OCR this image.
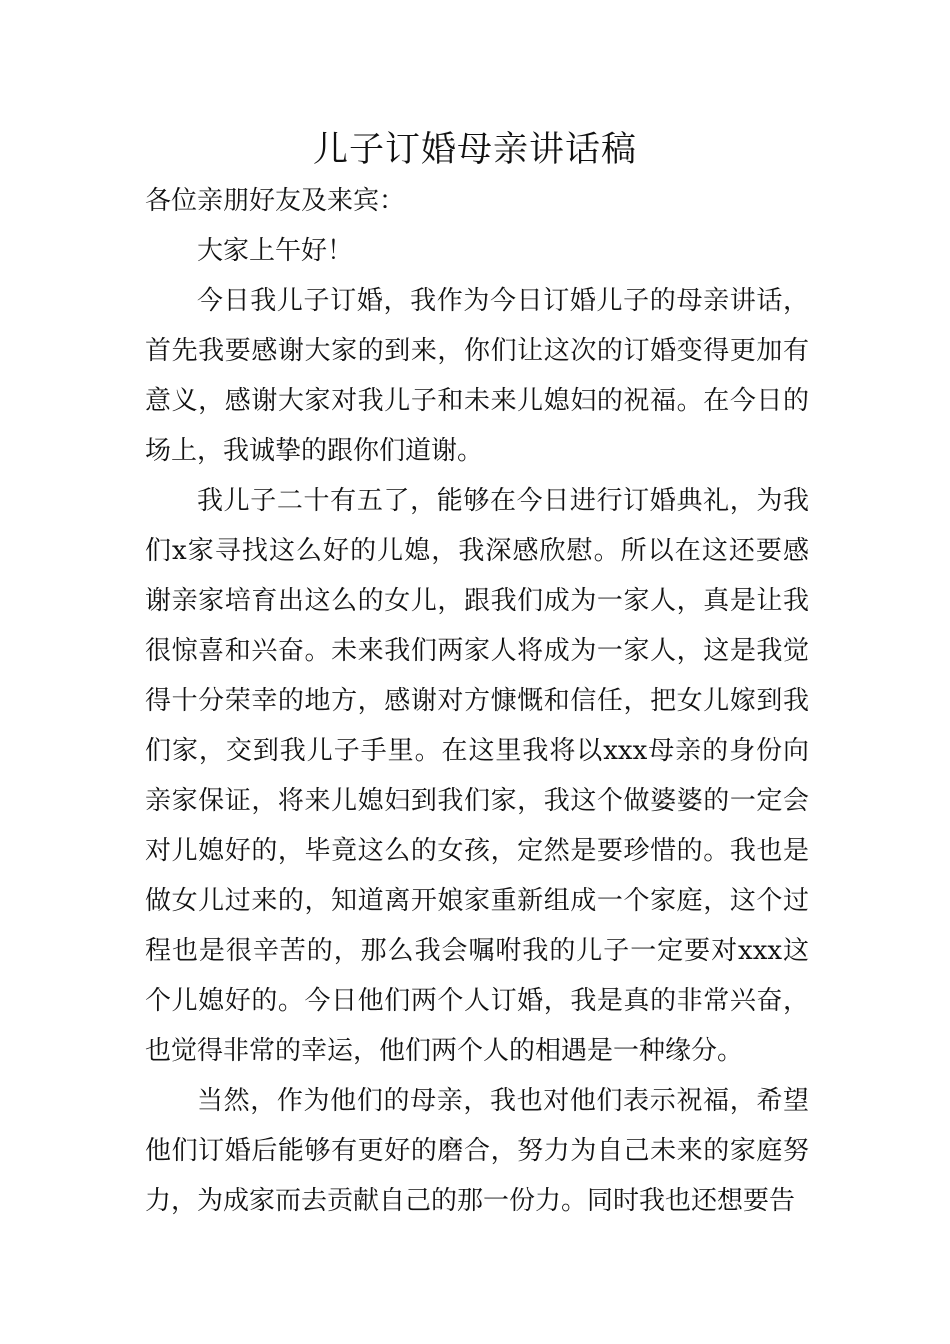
儿子订婚母亲讲话稿

各位亲朋好友及来宾：

大家上午好！

今日我儿子订婚，我作为今日订婚儿子的母亲讲话，首先我要感谢大家的到来，你们让这次的订婚变得更加有意义，感谢大家对我儿子和未来儿媳妇的祝福。在今日的场上，我诚挚的跟你们道谢。

我儿子二十有五了，能够在今日进行订婚典礼，为我们x家寻找这么好的儿媳，我深感欣慰。所以在这还要感谢亲家培育出这么的女儿，跟我们成为一家人，真是让我很惊喜和兴奋。未来我们两家人将成为一家人，这是我觉得十分荣幸的地方，感谢对方慷慨和信任，把女儿嫁到我们家，交到我儿子手里。在这里我将以xxx母亲的身份向亲家保证，将来儿媳妇到我们家，我这个做婆婆的一定会对儿媳好的，毕竟这么的女孩，定然是要珍惜的。我也是做女儿过来的，知道离开娘家重新组成一个家庭，这个过程也是很辛苦的，那么我会嘱咐我的儿子一定要对xxx这个儿媳好的。今日他们两个人订婚，我是真的非常兴奋，也觉得非常的幸运，他们两个人的相遇是一种缘分。

当然，作为他们的母亲，我也对他们表示祝福，希望他们订婚后能够有更好的磨合，努力为自己未来的家庭努力，为成家而去贡献自己的那一份力。同时我也还想要告
